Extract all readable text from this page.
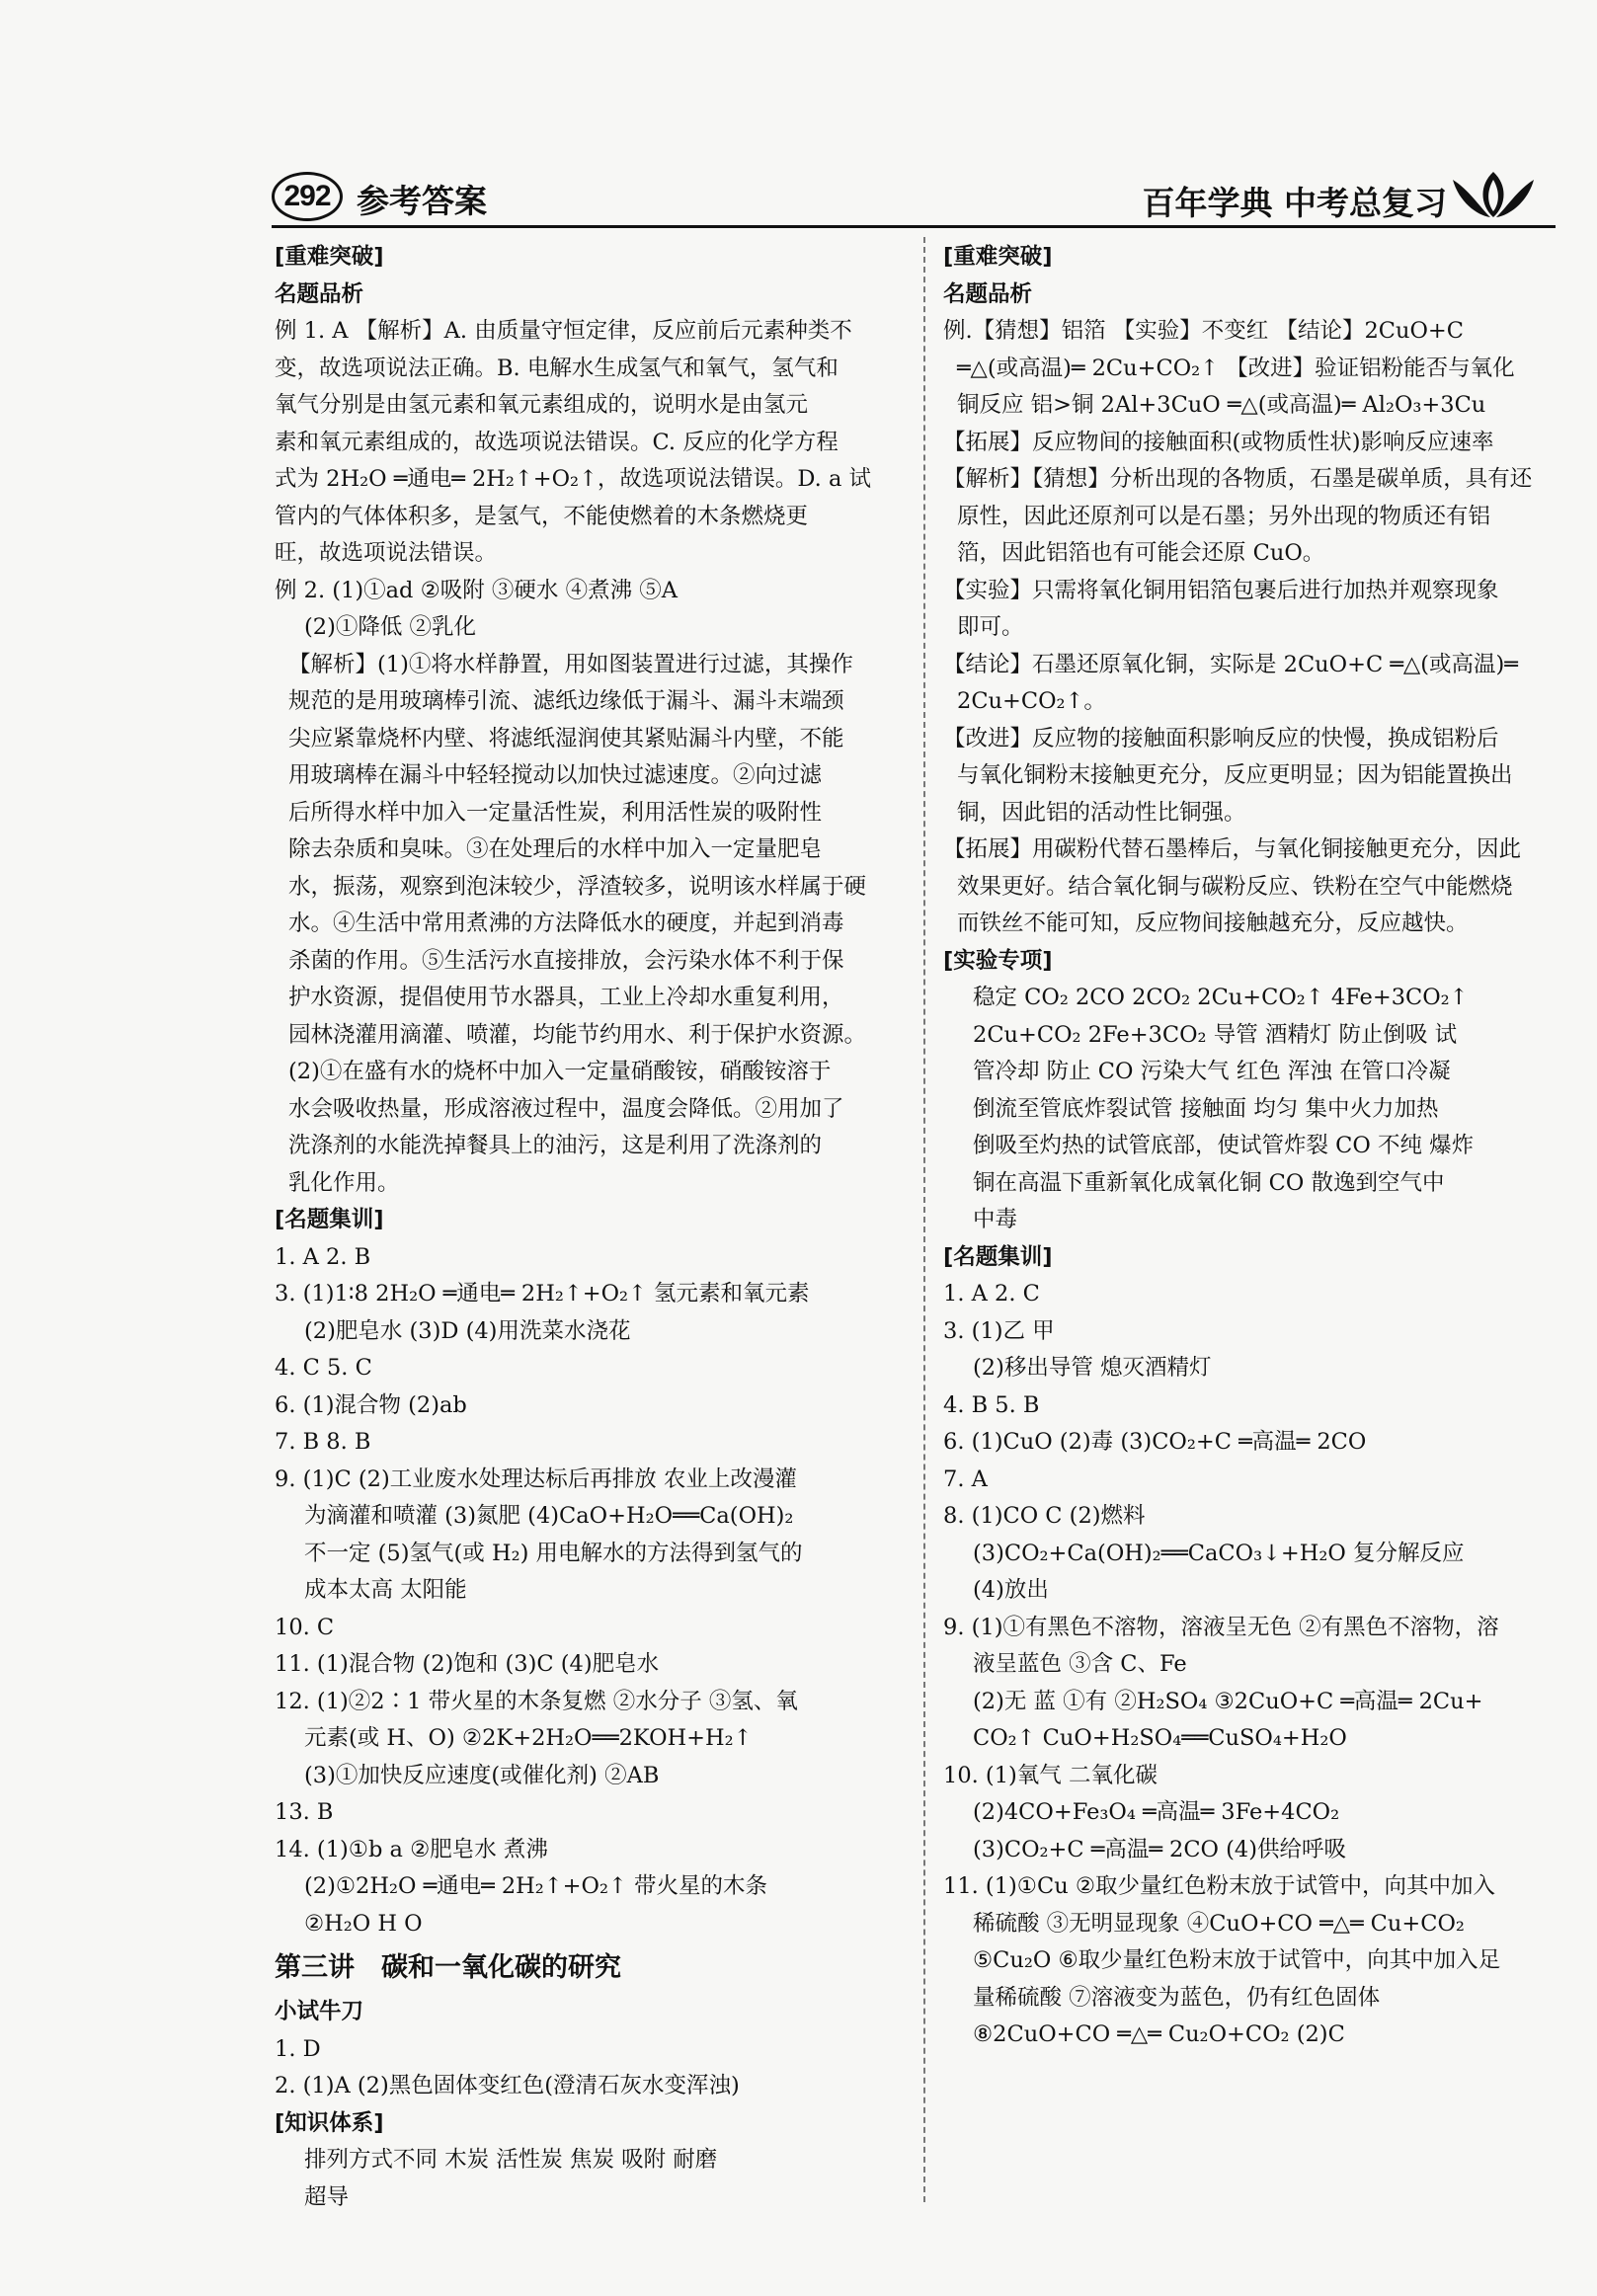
292 参考答案	百年学典 中考总复习
[重难突破]
名题品析
例 1. A 【解析】A. 由质量守恒定律，反应前后元素种类不
变，故选项说法正确。B. 电解水生成氢气和氧气，氢气和
氧气分别是由氢元素和氧元素组成的，说明水是由氢元
素和氧元素组成的，故选项说法错误。C. 反应的化学方程
式为 2H₂O ═通电═ 2H₂↑+O₂↑，故选项说法错误。D. a 试
管内的气体体积多，是氢气，不能使燃着的木条燃烧更
旺，故选项说法错误。
例 2. (1)①ad ②吸附 ③硬水 ④煮沸 ⑤A
(2)①降低 ②乳化
【解析】(1)①将水样静置，用如图装置进行过滤，其操作
规范的是用玻璃棒引流、滤纸边缘低于漏斗、漏斗末端颈
尖应紧靠烧杯内壁、将滤纸湿润使其紧贴漏斗内壁，不能
用玻璃棒在漏斗中轻轻搅动以加快过滤速度。②向过滤
后所得水样中加入一定量活性炭，利用活性炭的吸附性
除去杂质和臭味。③在处理后的水样中加入一定量肥皂
水，振荡，观察到泡沫较少，浮渣较多，说明该水样属于硬
水。④生活中常用煮沸的方法降低水的硬度，并起到消毒
杀菌的作用。⑤生活污水直接排放，会污染水体不利于保
护水资源，提倡使用节水器具，工业上冷却水重复利用，
园林浇灌用滴灌、喷灌，均能节约用水、利于保护水资源。
(2)①在盛有水的烧杯中加入一定量硝酸铵，硝酸铵溶于
水会吸收热量，形成溶液过程中，温度会降低。②用加了
洗涤剂的水能洗掉餐具上的油污，这是利用了洗涤剂的
乳化作用。
[名题集训]
1. A 2. B
3. (1)1∶8 2H₂O ═通电═ 2H₂↑+O₂↑ 氢元素和氧元素
(2)肥皂水 (3)D (4)用洗菜水浇花
4. C 5. C
6. (1)混合物 (2)ab
7. B 8. B
9. (1)C (2)工业废水处理达标后再排放 农业上改漫灌
为滴灌和喷灌 (3)氮肥 (4)CaO+H₂O══Ca(OH)₂
不一定 (5)氢气(或 H₂) 用电解水的方法得到氢气的
成本太高 太阳能
10. C
11. (1)混合物 (2)饱和 (3)C (4)肥皂水
12. (1)②2∶1 带火星的木条复燃 ②水分子 ③氢、氧
元素(或 H、O) ②2K+2H₂O══2KOH+H₂↑
(3)①加快反应速度(或催化剂) ②AB
13. B
14. (1)①b a ②肥皂水 煮沸
(2)①2H₂O ═通电═ 2H₂↑+O₂↑ 带火星的木条
②H₂O H O
第三讲　碳和一氧化碳的研究
小试牛刀
1. D
2. (1)A (2)黑色固体变红色(澄清石灰水变浑浊)
[知识体系]
排列方式不同 木炭 活性炭 焦炭 吸附 耐磨
超导
[重难突破]
名题品析
例.【猜想】铝箔 【实验】不变红 【结论】2CuO+C
═△(或高温)═ 2Cu+CO₂↑ 【改进】验证铝粉能否与氧化
铜反应 铝>铜 2Al+3CuO ═△(或高温)═ Al₂O₃+3Cu
【拓展】反应物间的接触面积(或物质性状)影响反应速率
【解析】【猜想】分析出现的各物质，石墨是碳单质，具有还
原性，因此还原剂可以是石墨；另外出现的物质还有铝
箔，因此铝箔也有可能会还原 CuO。
【实验】只需将氧化铜用铝箔包裹后进行加热并观察现象
即可。
【结论】石墨还原氧化铜，实际是 2CuO+C ═△(或高温)═
2Cu+CO₂↑。
【改进】反应物的接触面积影响反应的快慢，换成铝粉后
与氧化铜粉末接触更充分，反应更明显；因为铝能置换出
铜，因此铝的活动性比铜强。
【拓展】用碳粉代替石墨棒后，与氧化铜接触更充分，因此
效果更好。结合氧化铜与碳粉反应、铁粉在空气中能燃烧
而铁丝不能可知，反应物间接触越充分，反应越快。
[实验专项]
稳定 CO₂ 2CO 2CO₂ 2Cu+CO₂↑ 4Fe+3CO₂↑
2Cu+CO₂ 2Fe+3CO₂ 导管 酒精灯 防止倒吸 试
管冷却 防止 CO 污染大气 红色 浑浊 在管口冷凝
倒流至管底炸裂试管 接触面 均匀 集中火力加热
倒吸至灼热的试管底部，使试管炸裂 CO 不纯 爆炸
铜在高温下重新氧化成氧化铜 CO 散逸到空气中
中毒
[名题集训]
1. A 2. C
3. (1)乙 甲
(2)移出导管 熄灭酒精灯
4. B 5. B
6. (1)CuO (2)毒 (3)CO₂+C ═高温═ 2CO
7. A
8. (1)CO C (2)燃料
(3)CO₂+Ca(OH)₂══CaCO₃↓+H₂O 复分解反应
(4)放出
9. (1)①有黑色不溶物，溶液呈无色 ②有黑色不溶物，溶
液呈蓝色 ③含 C、Fe
(2)无 蓝 ①有 ②H₂SO₄ ③2CuO+C ═高温═ 2Cu+
CO₂↑ CuO+H₂SO₄══CuSO₄+H₂O
10. (1)氧气 二氧化碳
(2)4CO+Fe₃O₄ ═高温═ 3Fe+4CO₂
(3)CO₂+C ═高温═ 2CO (4)供给呼吸
11. (1)①Cu ②取少量红色粉末放于试管中，向其中加入
稀硫酸 ③无明显现象 ④CuO+CO ═△═ Cu+CO₂
⑤Cu₂O ⑥取少量红色粉末放于试管中，向其中加入足
量稀硫酸 ⑦溶液变为蓝色，仍有红色固体
⑧2CuO+CO ═△═ Cu₂O+CO₂ (2)C
